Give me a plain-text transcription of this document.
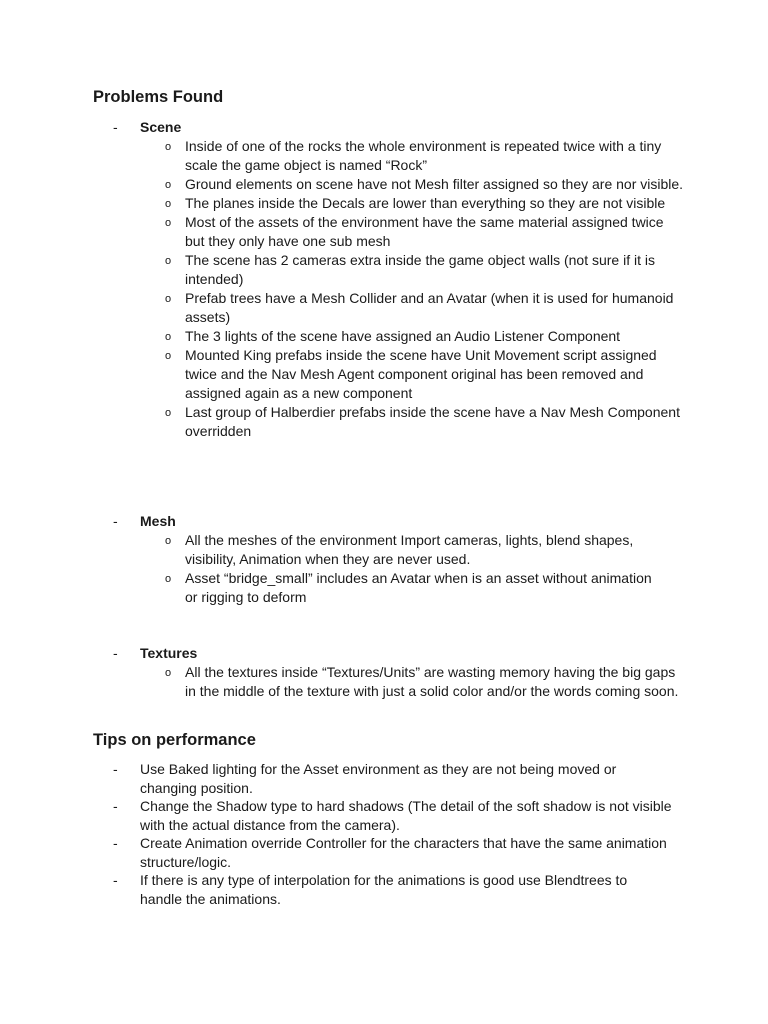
Problems Found
- Scene
o Inside of one of the rocks the whole environment is repeated twice with a tiny scale the game object is named “Rock”
o Ground elements on scene have not Mesh filter assigned so they are nor visible.
o The planes inside the Decals are lower than everything so they are not visible
o Most of the assets of the environment have the same material assigned twice but they only have one sub mesh
o The scene has 2 cameras extra inside the game object walls (not sure if it is intended)
o Prefab trees have a Mesh Collider and an Avatar (when it is used for humanoid assets)
o The 3 lights of the scene have assigned an Audio Listener Component
o Mounted King prefabs inside the scene have Unit Movement script assigned twice and the Nav Mesh Agent component original has been removed and assigned again as a new component
o Last group of Halberdier prefabs inside the scene have a Nav Mesh Component overridden
- Mesh
o All the meshes of the environment Import cameras, lights, blend shapes, visibility, Animation when they are never used.
o Asset “bridge_small” includes an Avatar when is an asset without animation or rigging to deform
- Textures
o All the textures inside “Textures/Units” are wasting memory having the big gaps in the middle of the texture with just a solid color and/or the words coming soon.
Tips on performance
- Use Baked lighting for the Asset environment as they are not being moved or changing position.
- Change the Shadow type to hard shadows (The detail of the soft shadow is not visible with the actual distance from the camera).
- Create Animation override Controller for the characters that have the same animation structure/logic.
- If there is any type of interpolation for the animations is good use Blendtrees to handle the animations.
